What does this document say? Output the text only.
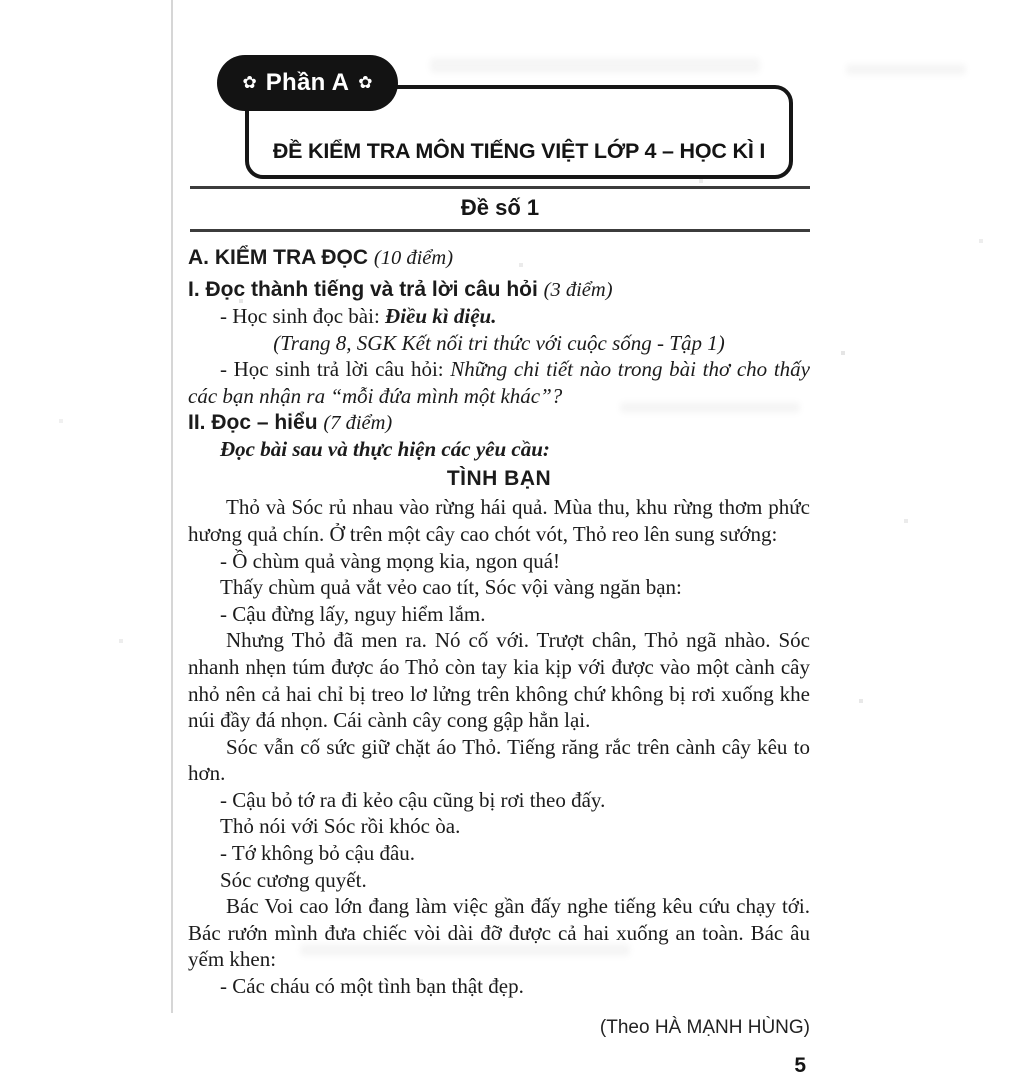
✿ Phần A ✿
ĐỀ KIỂM TRA MÔN TIẾNG VIỆT LỚP 4 – HỌC KÌ I
Đề số 1

A. KIỂM TRA ĐỌC (10 điểm)

I. Đọc thành tiếng và trả lời câu hỏi (3 điểm)

- Học sinh đọc bài: Điều kì diệu.

(Trang 8, SGK Kết nối tri thức với cuộc sống - Tập 1)

- Học sinh trả lời câu hỏi: Những chi tiết nào trong bài thơ cho thấy các bạn nhận ra “mỗi đứa mình một khác”?

II. Đọc – hiểu (7 điểm)

Đọc bài sau và thực hiện các yêu cầu:

TÌNH BẠN

Thỏ và Sóc rủ nhau vào rừng hái quả. Mùa thu, khu rừng thơm phức hương quả chín. Ở trên một cây cao chót vót, Thỏ reo lên sung sướng:

- Ồ chùm quả vàng mọng kia, ngon quá!

Thấy chùm quả vắt vẻo cao tít, Sóc vội vàng ngăn bạn:

- Cậu đừng lấy, nguy hiểm lắm.

Nhưng Thỏ đã men ra. Nó cố với. Trượt chân, Thỏ ngã nhào. Sóc nhanh nhẹn túm được áo Thỏ còn tay kia kịp với được vào một cành cây nhỏ nên cả hai chỉ bị treo lơ lửng trên không chứ không bị rơi xuống khe núi đầy đá nhọn. Cái cành cây cong gập hẳn lại.

Sóc vẫn cố sức giữ chặt áo Thỏ. Tiếng răng rắc trên cành cây kêu to hơn.

- Cậu bỏ tớ ra đi kẻo cậu cũng bị rơi theo đấy.

Thỏ nói với Sóc rồi khóc òa.

- Tớ không bỏ cậu đâu.

Sóc cương quyết.

Bác Voi cao lớn đang làm việc gần đấy nghe tiếng kêu cứu chạy tới. Bác rướn mình đưa chiếc vòi dài đỡ được cả hai xuống an toàn. Bác âu yếm khen:

- Các cháu có một tình bạn thật đẹp.

(Theo HÀ MẠNH HÙNG)

5
